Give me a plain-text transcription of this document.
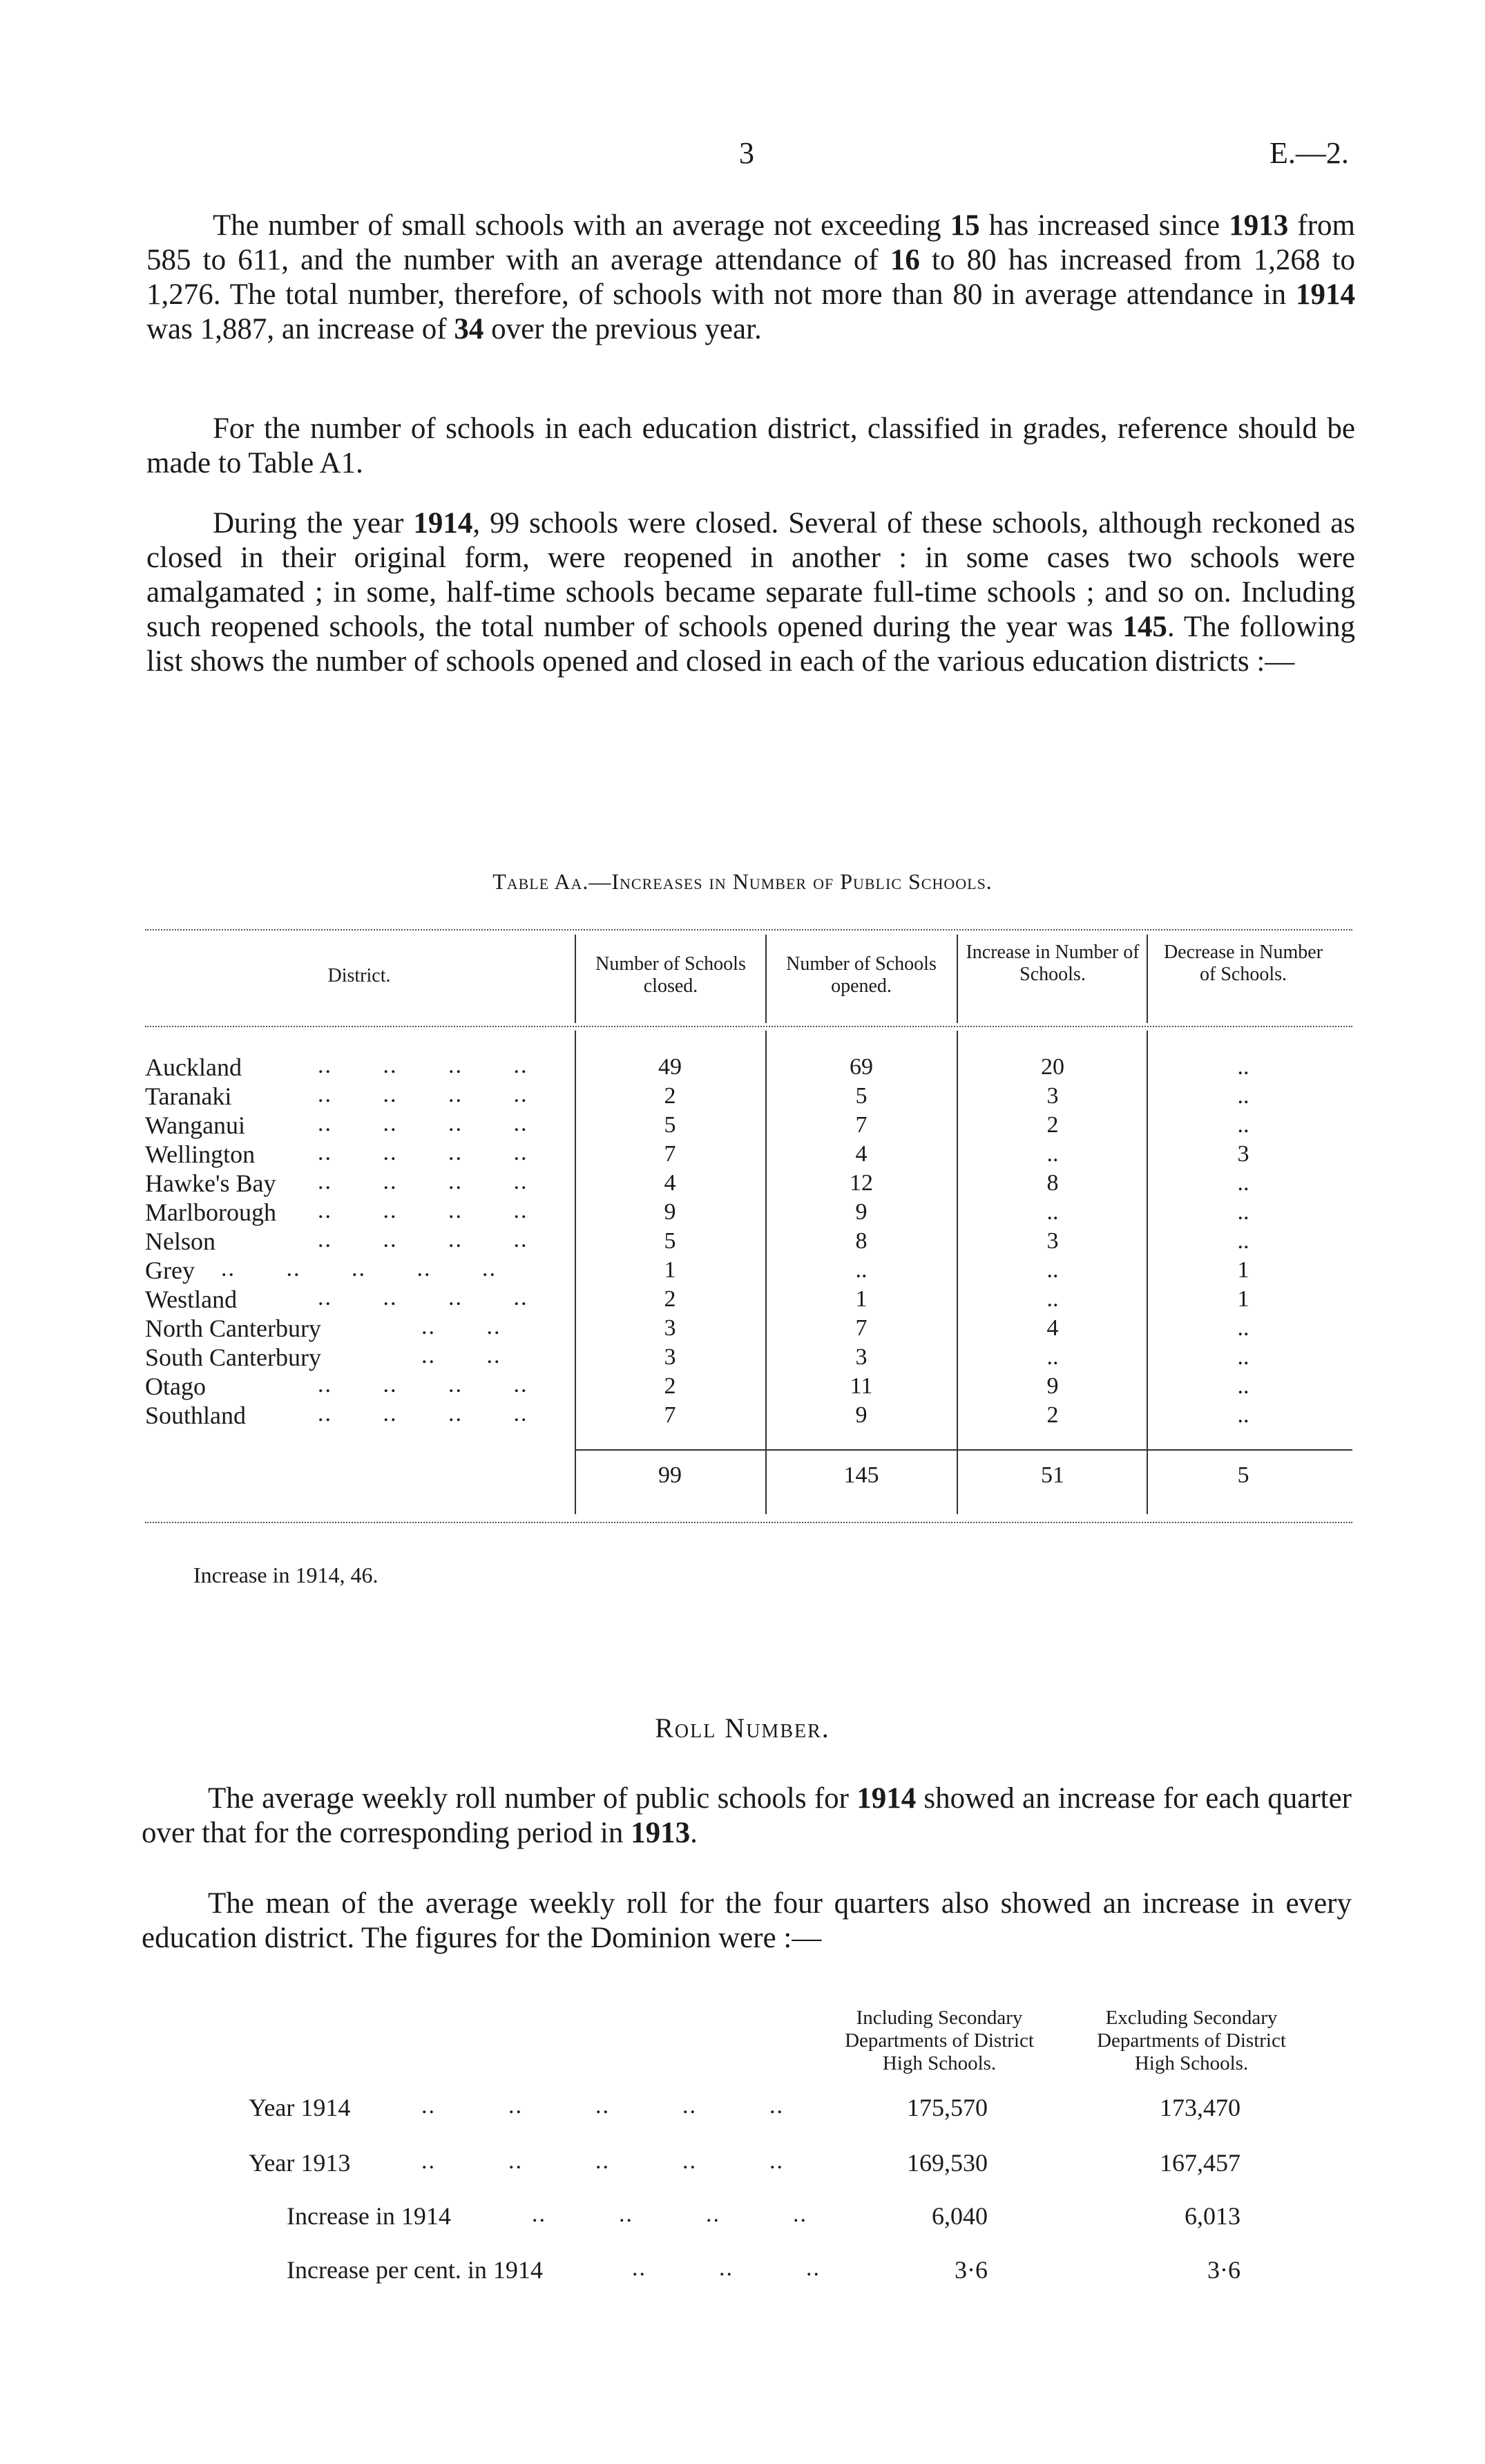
3	E.—2.

The number of small schools with an average not exceeding 15 has increased since 1913 from 585 to 611, and the number with an average attendance of 16 to 80 has increased from 1,268 to 1,276. The total number, therefore, of schools with not more than 80 in average attendance in 1914 was 1,887, an increase of 34 over the previous year.

For the number of schools in each education district, classified in grades, reference should be made to Table A1.

During the year 1914, 99 schools were closed. Several of these schools, although reckoned as closed in their original form, were reopened in another : in some cases two schools were amalgamated ; in some, half-time schools became separate full-time schools ; and so on. Including such reopened schools, the total number of schools opened during the year was 145. The following list shows the number of schools opened and closed in each of the various education districts :—

Table Aa.—Increases in Number of Public Schools.
District.
Number of Schools closed.
Number of Schools opened.
Increase in Number of Schools.
Decrease in Number of Schools.
Auckland	..       ..       ..       ..	49	69	20	..
Taranaki	..       ..       ..       ..	2	5	3	..
Wanganui	..       ..       ..       ..	5	7	2	..
Wellington	..       ..       ..       ..	7	4	..	3
Hawke's Bay ..       ..       ..       ..	4	12	8	..
Marlborough ..       ..       ..       ..	9	9	..	..
Nelson	..       ..       ..       ..	5	8	3	..
Grey ..       ..       ..       ..       ..	1	..	..	1
Westland	..       ..       ..       ..	2	1	..	1
North Canterbury	..       ..	3	7	4	..
South Canterbury	..       ..	3	3	..	..
Otago	..       ..       ..       ..	2	11	9	..
Southland	..       ..       ..       ..	7	9	2	..
99	145	51	5
Increase in 1914, 46.
Roll Number.

The average weekly roll number of public schools for 1914 showed an increase for each quarter over that for the corresponding period in 1913.

The mean of the average weekly roll for the four quarters also showed an increase in every education district. The figures for the Dominion were :—

Including Secondary Departments of District High Schools.
Excluding Secondary Departments of District High Schools.
Year 1914	..          ..          ..          ..          ..	175,570	173,470
Year 1913	..          ..          ..          ..          ..	169,530	167,457
Increase in 1914	..          ..          ..          ..	6,040	6,013
Increase per cent. in 1914	..          ..          ..	3·6	3·6
